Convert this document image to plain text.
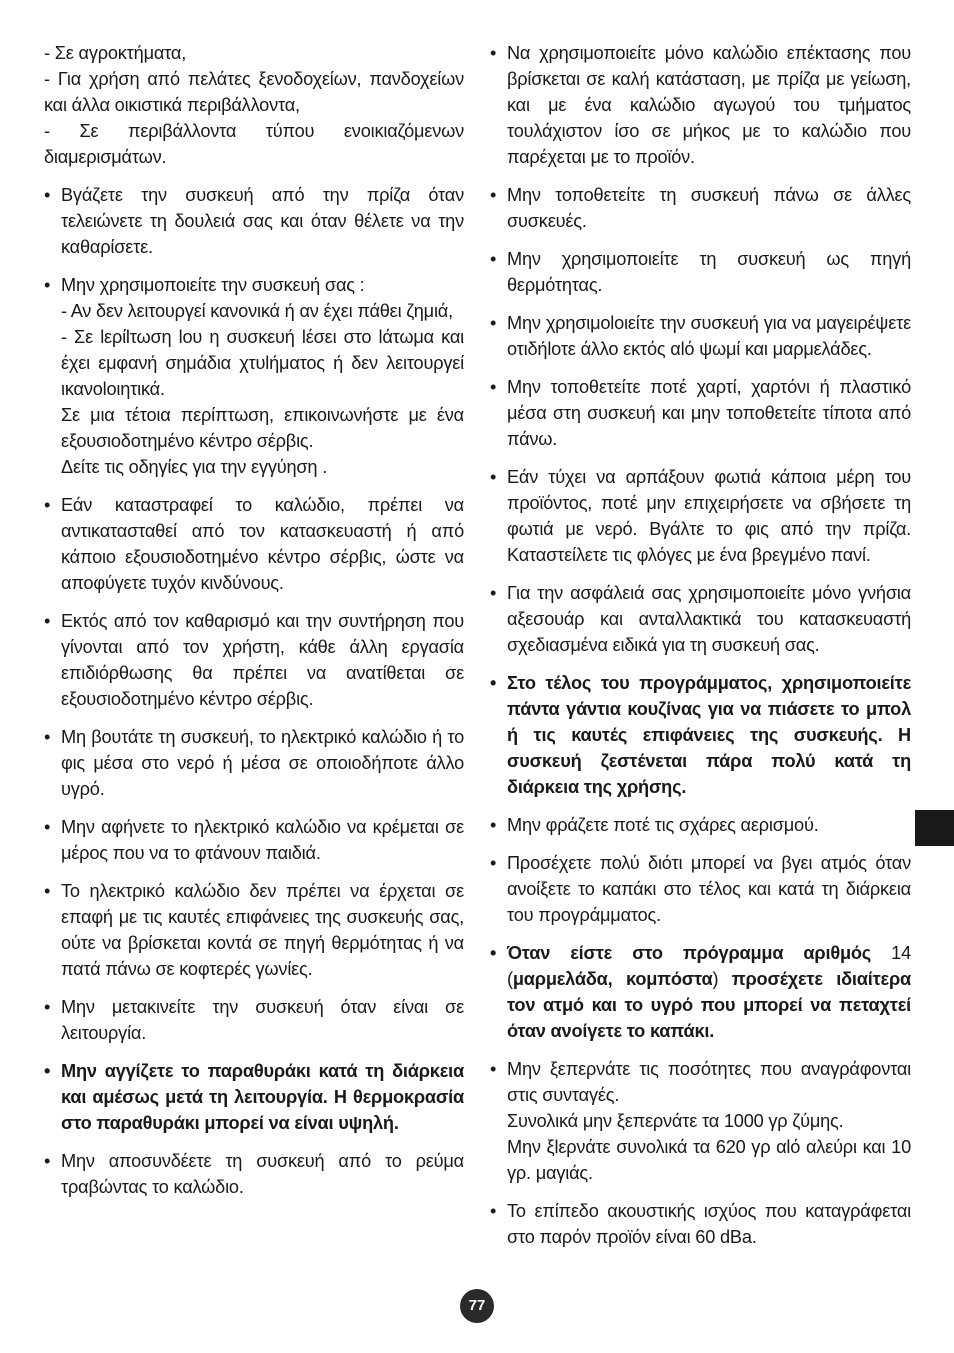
- Σε αγροκτήματα,
- Για χρήση από πελάτες ξενοδοχείων, πανδοχείων και άλλα οικιστικά περιβάλλοντα,
- Σε περιβάλλοντα τύπου ενοικιαζόμενων διαμερισμάτων.
• Βγάζετε την συσκευή από την πρίζα όταν τελειώνετε τη δουλειά σας και όταν θέλετε να την καθαρίσετε.
• Μην χρησιμοποιείτε την συσκευή σας :
- Αν δεν λειτουργεί κανονικά ή αν έχει πάθει ζημιά,
- Σε lερίlτωση lου η συσκευή lέσει στο lάτωμα και έχει εμφανή σημάδια χτυlήματος ή δεν λειτουργεί ικανοlοιητικά.
Σε μια τέτοια περίπτωση, επικοινωνήστε με ένα εξουσιοδοτημένο κέντρο σέρβις.
Δείτε τις οδηγίες για την εγγύηση .
• Εάν καταστραφεί το καλώδιο, πρέπει να αντικατασταθεί από τον κατασκευαστή ή από κάποιο εξουσιοδοτημένο κέντρο σέρβις, ώστε να αποφύγετε τυχόν κινδύνους.
• Εκτός από τον καθαρισμό και την συντήρηση που γίνονται από τον χρήστη, κάθε άλλη εργασία επιδιόρθωσης θα πρέπει να ανατίθεται σε εξουσιοδοτημένο κέντρο σέρβις.
• Μη βουτάτε τη συσκευή, το ηλεκτρικό καλώδιο ή το φις μέσα στο νερό ή μέσα σε οποιοδήποτε άλλο υγρό.
• Μην αφήνετε το ηλεκτρικό καλώδιο να κρέμεται σε μέρος που να το φτάνουν παιδιά.
• Το ηλεκτρικό καλώδιο δεν πρέπει να έρχεται σε επαφή με τις καυτές επιφάνειες της συσκευής σας, ούτε να βρίσκεται κοντά σε πηγή θερμότητας ή να πατά πάνω σε κοφτερές γωνίες.
• Μην μετακινείτε την συσκευή όταν είναι σε λειτουργία.
• Μην αγγίζετε το παραθυράκι κατά τη διάρκεια και αμέσως μετά τη λειτουργία. Η θερμοκρασία στο παραθυράκι μπορεί να είναι υψηλή.
• Μην αποσυνδέετε τη συσκευή από το ρεύμα τραβώντας το καλώδιο.
• Να χρησιμοποιείτε μόνο καλώδιο επέκτασης που βρίσκεται σε καλή κατάσταση, με πρίζα με γείωση, και με ένα καλώδιο αγωγού του τμήματος τουλάχιστον ίσο σε μήκος με το καλώδιο που παρέχεται με το προϊόν.
• Μην τοποθετείτε τη συσκευή πάνω σε άλλες συσκευές.
• Μην χρησιμοποιείτε τη συσκευή ως πηγή θερμότητας.
• Μην χρησιμolοιείτε την συσκευή για να μαγειρέψετε οτιδήlοτε άλλο εκτός αlό ψωμί και μαρμελάδες.
• Μην τοποθετείτε ποτέ χαρτί, χαρτόνι ή πλαστικό μέσα στη συσκευή και μην τοποθετείτε τίποτα από πάνω.
• Εάν τύχει να αρπάξουν φωτιά κάποια μέρη του προϊόντος, ποτέ μην επιχειρήσετε να σβήσετε τη φωτιά με νερό. Βγάλτε το φις από την πρίζα. Καταστείλετε τις φλόγες με ένα βρεγμένο πανί.
• Για την ασφάλειά σας χρησιμοποιείτε μόνο γνήσια αξεσουάρ και ανταλλακτικά του κατασκευαστή σχεδιασμένα ειδικά για τη συσκευή σας.
• Στο τέλος του προγράμματος, χρησιμοποιείτε πάντα γάντια κουζίνας για να πιάσετε το μπολ ή τις καυτές επιφάνειες της συσκευής. Η συσκευή ζεστένεται πάρα πολύ κατά τη διάρκεια της χρήσης.
• Μην φράζετε ποτέ τις σχάρες αερισμού.
• Προσέχετε πολύ διότι μπορεί να βγει ατμός όταν ανοίξετε το καπάκι στο τέλος και κατά τη διάρκεια του προγράμματος.
• Όταν είστε στο πρόγραμμα αριθμός 14 (μαρμελάδα, κομπόστα) προσέχετε ιδιαίτερα τον ατμό και το υγρό που μπορεί να πεταχτεί όταν ανοίγετε το καπάκι.
• Μην ξεπερνάτε τις ποσότητες που αναγράφονται στις συνταγές.
Συνολικά μην ξεπερνάτε τα 1000 γρ ζύμης.
Μην ξlερνάτε συνολικά τα 620 γρ αlό αλεύρι και 10 γρ. μαγιάς.
• Το επίπεδο ακουστικής ισχύος που καταγράφεται στο παρόν προϊόν είναι 60 dBa.
77
